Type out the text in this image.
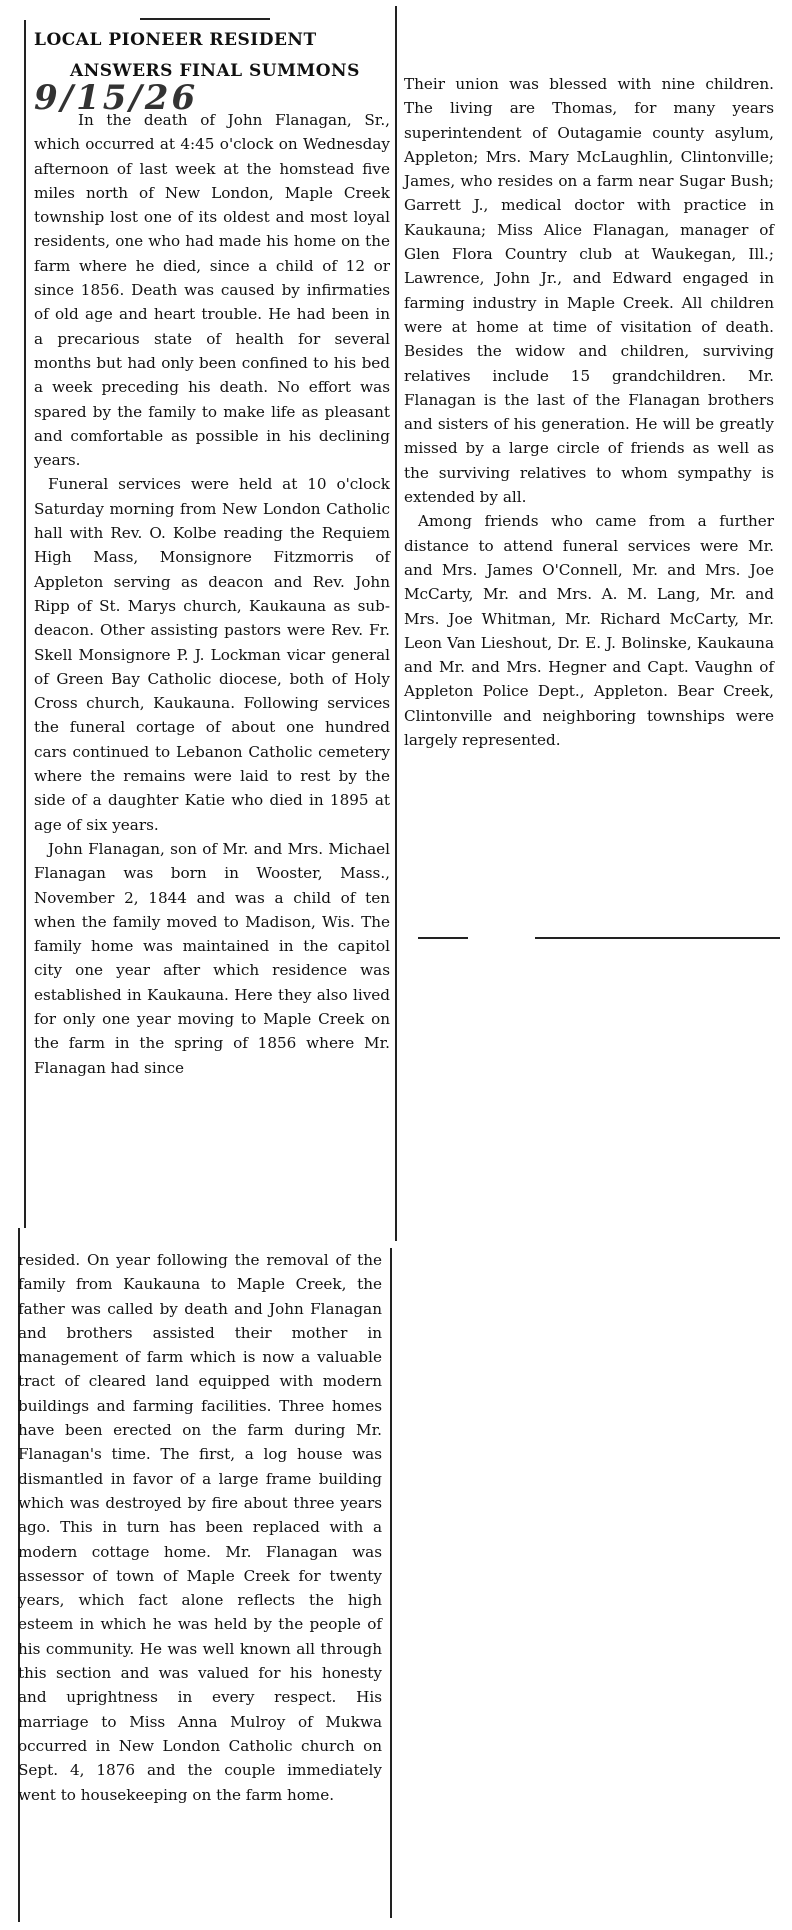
LOCAL PIONEER RESIDENT
ANSWERS FINAL SUMMONS
9/15/26

In the death of John Flanagan, Sr., which occurred at 4:45 o'clock on Wednesday afternoon of last week at the homstead five miles north of New London, Maple Creek township lost one of its oldest and most loyal residents, one who had made his home on the farm where he died, since a child of 12 or since 1856. Death was caused by infirmaties of old age and heart trouble. He had been in a precarious state of health for several months but had only been confined to his bed a week preceding his death. No effort was spared by the family to make life as pleasant and comfortable as possible in his declining years.

Funeral services were held at 10 o'clock Saturday morning from New London Catholic hall with Rev. O. Kolbe reading the Requiem High Mass, Monsignore Fitzmorris of Appleton serving as deacon and Rev. John Ripp of St. Marys church, Kaukauna as sub-deacon. Other assisting pastors were Rev. Fr. Skell Monsignore P. J. Lockman vicar general of Green Bay Catholic diocese, both of Holy Cross church, Kaukauna. Following services the funeral cortage of about one hundred cars continued to Lebanon Catholic cemetery where the remains were laid to rest by the side of a daughter Katie who died in 1895 at age of six years.

John Flanagan, son of Mr. and Mrs. Michael Flanagan was born in Wooster, Mass., November 2, 1844 and was a child of ten when the family moved to Madison, Wis. The family home was maintained in the capitol city one year after which residence was established in Kaukauna. Here they also lived for only one year moving to Maple Creek on the farm in the spring of 1856 where Mr. Flanagan had since

resided. On year following the removal of the family from Kaukauna to Maple Creek, the father was called by death and John Flanagan and brothers assisted their mother in management of farm which is now a valuable tract of cleared land equipped with modern buildings and farming facilities. Three homes have been erected on the farm during Mr. Flanagan's time. The first, a log house was dismantled in favor of a large frame building which was destroyed by fire about three years ago. This in turn has been replaced with a modern cottage home. Mr. Flanagan was assessor of town of Maple Creek for twenty years, which fact alone reflects the high esteem in which he was held by the people of his community. He was well known all through this section and was valued for his honesty and uprightness in every respect. His marriage to Miss Anna Mulroy of Mukwa occurred in New London Catholic church on Sept. 4, 1876 and the couple immediately went to housekeeping on the farm home.

Their union was blessed with nine children. The living are Thomas, for many years superintendent of Outagamie county asylum, Appleton; Mrs. Mary McLaughlin, Clintonville; James, who resides on a farm near Sugar Bush; Garrett J., medical doctor with practice in Kaukauna; Miss Alice Flanagan, manager of Glen Flora Country club at Waukegan, Ill.; Lawrence, John Jr., and Edward engaged in farming industry in Maple Creek. All children were at home at time of visitation of death. Besides the widow and children, surviving relatives include 15 grandchildren. Mr. Flanagan is the last of the Flanagan brothers and sisters of his generation. He will be greatly missed by a large circle of friends as well as the surviving relatives to whom sympathy is extended by all.

Among friends who came from a further distance to attend funeral services were Mr. and Mrs. James O'Connell, Mr. and Mrs. Joe McCarty, Mr. and Mrs. A. M. Lang, Mr. and Mrs. Joe Whitman, Mr. Richard McCarty, Mr. Leon Van Lieshout, Dr. E. J. Bolinske, Kaukauna and Mr. and Mrs. Hegner and Capt. Vaughn of Appleton Police Dept., Appleton. Bear Creek, Clintonville and neighboring townships were largely represented.
